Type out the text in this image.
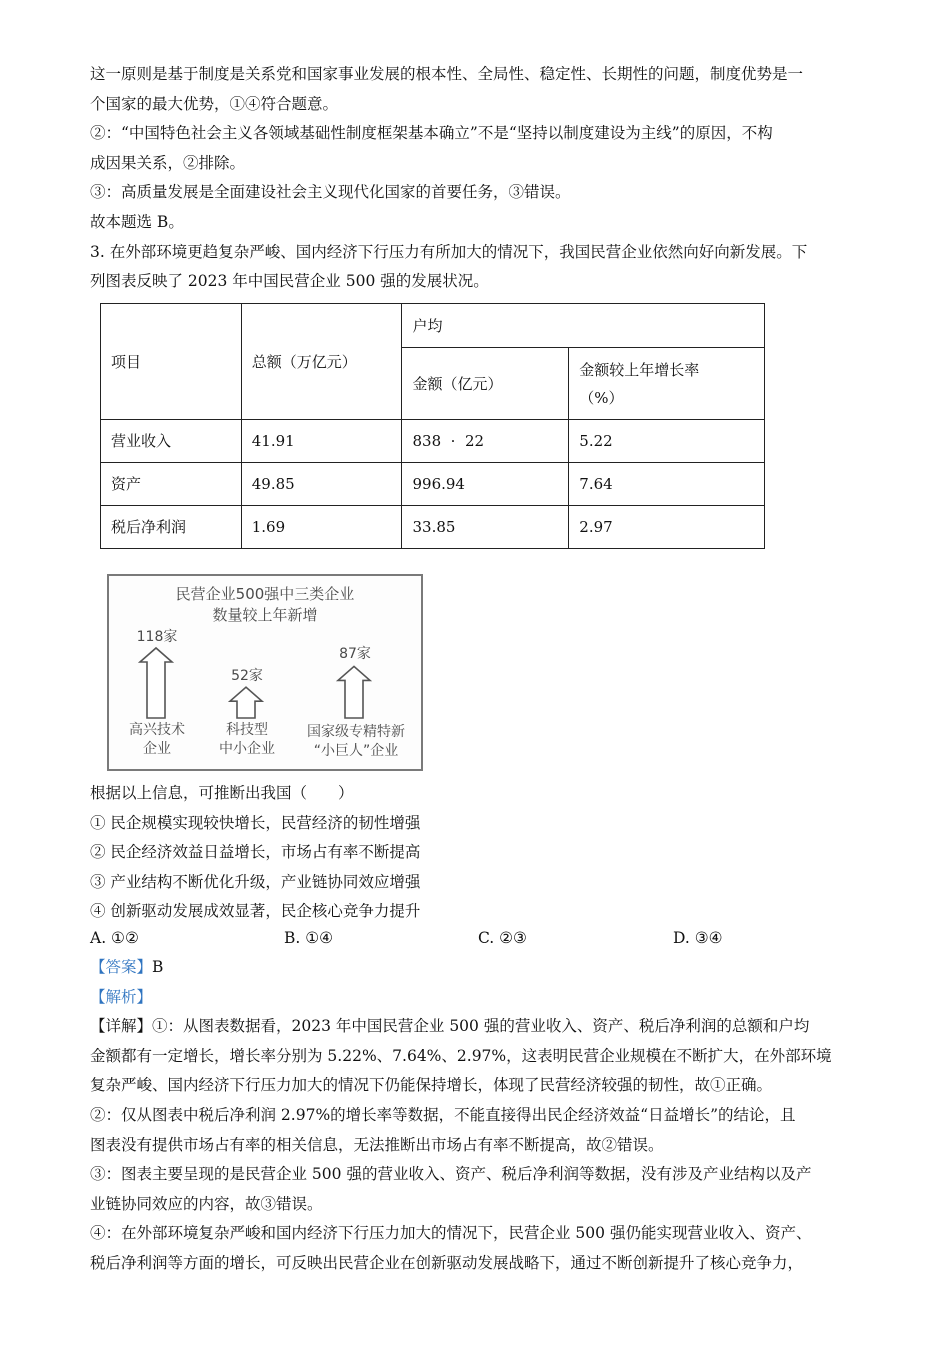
这一原则是基于制度是关系党和国家事业发展的根本性、全局性、稳定性、长期性的问题，制度优势是一

个国家的最大优势，①④符合题意。

②：“中国特色社会主义各领域基础性制度框架基本确立”不是“坚持以制度建设为主线”的原因，不构

成因果关系，②排除。

③：高质量发展是全面建设社会主义现代化国家的首要任务，③错误。

故本题选 B。

3. 在外部环境更趋复杂严峻、国内经济下行压力有所加大的情况下，我国民营企业依然向好向新发展。下

列图表反映了 2023 年中国民营企业 500 强的发展状况。

项目	总额（万亿元）	户均	
		金额（亿元）	金额较上年增长率
（%）

营业收入	41.91	838  ·  22	5.22
资产	49.85	996.94	7.64
税后净利润	1.69	33.85	2.97
民营企业500强中三类企业
数量较上年新增
118家
52家
87家
高兴技术
企业
科技型
中小企业
国家级专精特新
“小巨人”企业

根据以上信息，可推断出我国（　　）

① 民企规模实现较快增长，民营经济的韧性增强

② 民企经济效益日益增长，市场占有率不断提高

③ 产业结构不断优化升级，产业链协同效应增强

④ 创新驱动发展成效显著，民企核心竞争力提升

A. ①②	B. ①④	C. ②③	D. ③④

【答案】B

【解析】

【详解】①：从图表数据看，2023 年中国民营企业 500 强的营业收入、资产、税后净利润的总额和户均

金额都有一定增长，增长率分别为 5.22%、7.64%、2.97%，这表明民营企业规模在不断扩大，在外部环境

复杂严峻、国内经济下行压力加大的情况下仍能保持增长，体现了民营经济较强的韧性，故①正确。

②：仅从图表中税后净利润 2.97%的增长率等数据，不能直接得出民企经济效益“日益增长”的结论，且

图表没有提供市场占有率的相关信息，无法推断出市场占有率不断提高，故②错误。

③：图表主要呈现的是民营企业 500 强的营业收入、资产、税后净利润等数据，没有涉及产业结构以及产

业链协同效应的内容，故③错误。

④：在外部环境复杂严峻和国内经济下行压力加大的情况下，民营企业 500 强仍能实现营业收入、资产、

税后净利润等方面的增长，可反映出民营企业在创新驱动发展战略下，通过不断创新提升了核心竞争力，
